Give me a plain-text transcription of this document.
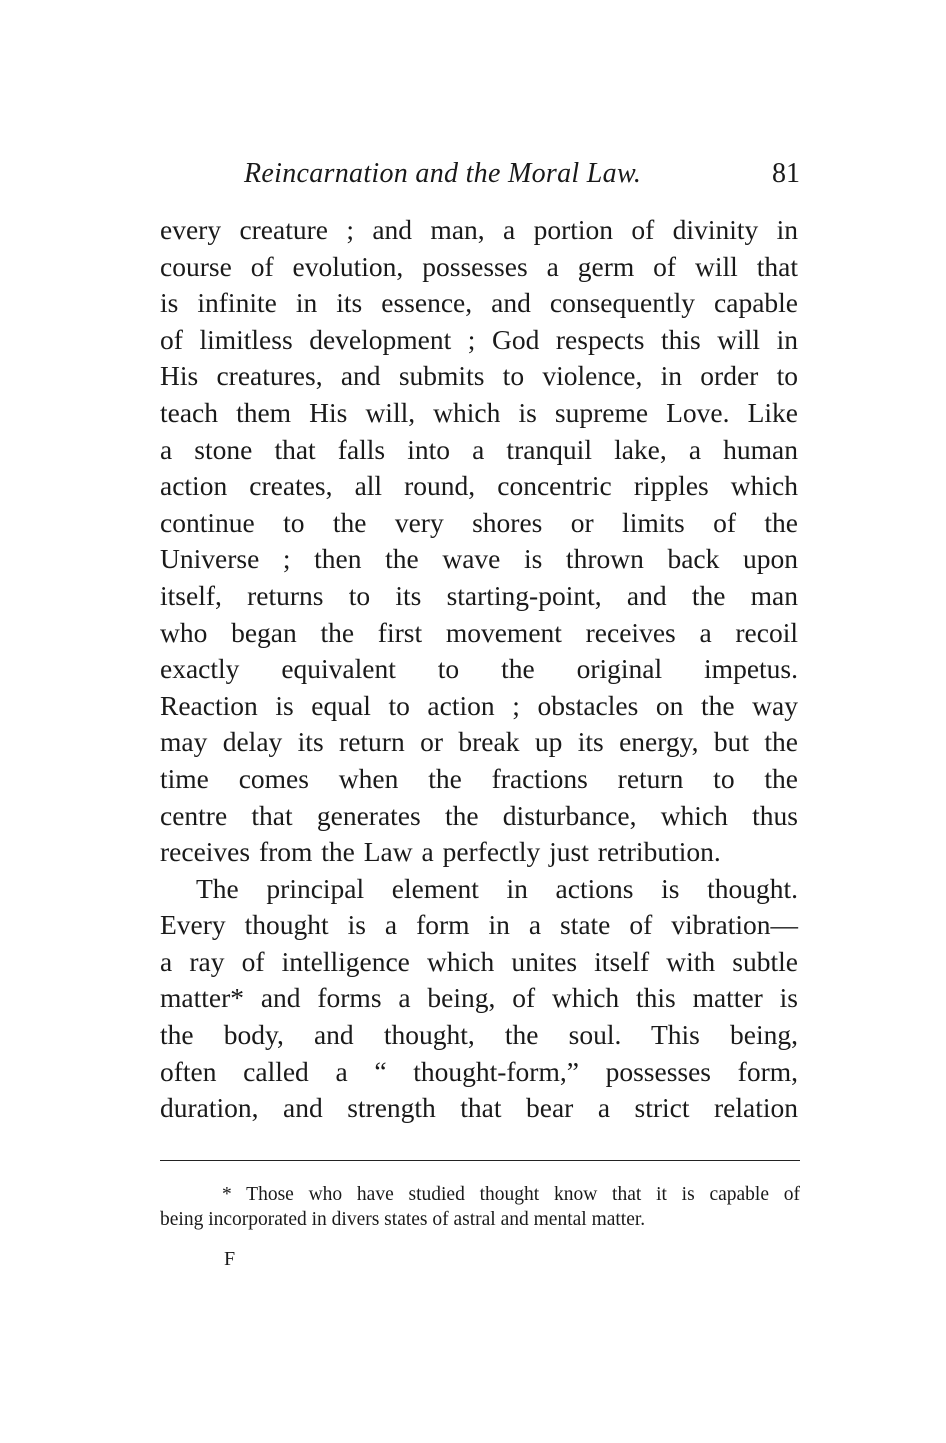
Reincarnation and the Moral Law.	81
every creature ; and man, a portion of divinity in
course of evolution, possesses a germ of will that
is infinite in its essence, and consequently capable
of limitless development ; God respects this will in
His creatures, and submits to violence, in order to
teach them His will, which is supreme Love. Like
a stone that falls into a tranquil lake, a human
action creates, all round, concentric ripples which
continue to the very shores or limits of the
Universe ; then the wave is thrown back upon
itself, returns to its starting-point, and the man
who began the first movement receives a recoil
exactly equivalent to the original impetus.
Reaction is equal to action ; obstacles on the way
may delay its return or break up its energy, but the
time comes when the fractions return to the
centre that generates the disturbance, which thus
receives from the Law a perfectly just retribution.
The principal element in actions is thought.
Every thought is a form in a state of vibration—
a ray of intelligence which unites itself with subtle
matter* and forms a being, of which this matter is
the body, and thought, the soul. This being,
often called a “ thought-form,” possesses form,
duration, and strength that bear a strict relation
* Those who have studied thought know that it is capable of
being incorporated in divers states of astral and mental matter.
F
